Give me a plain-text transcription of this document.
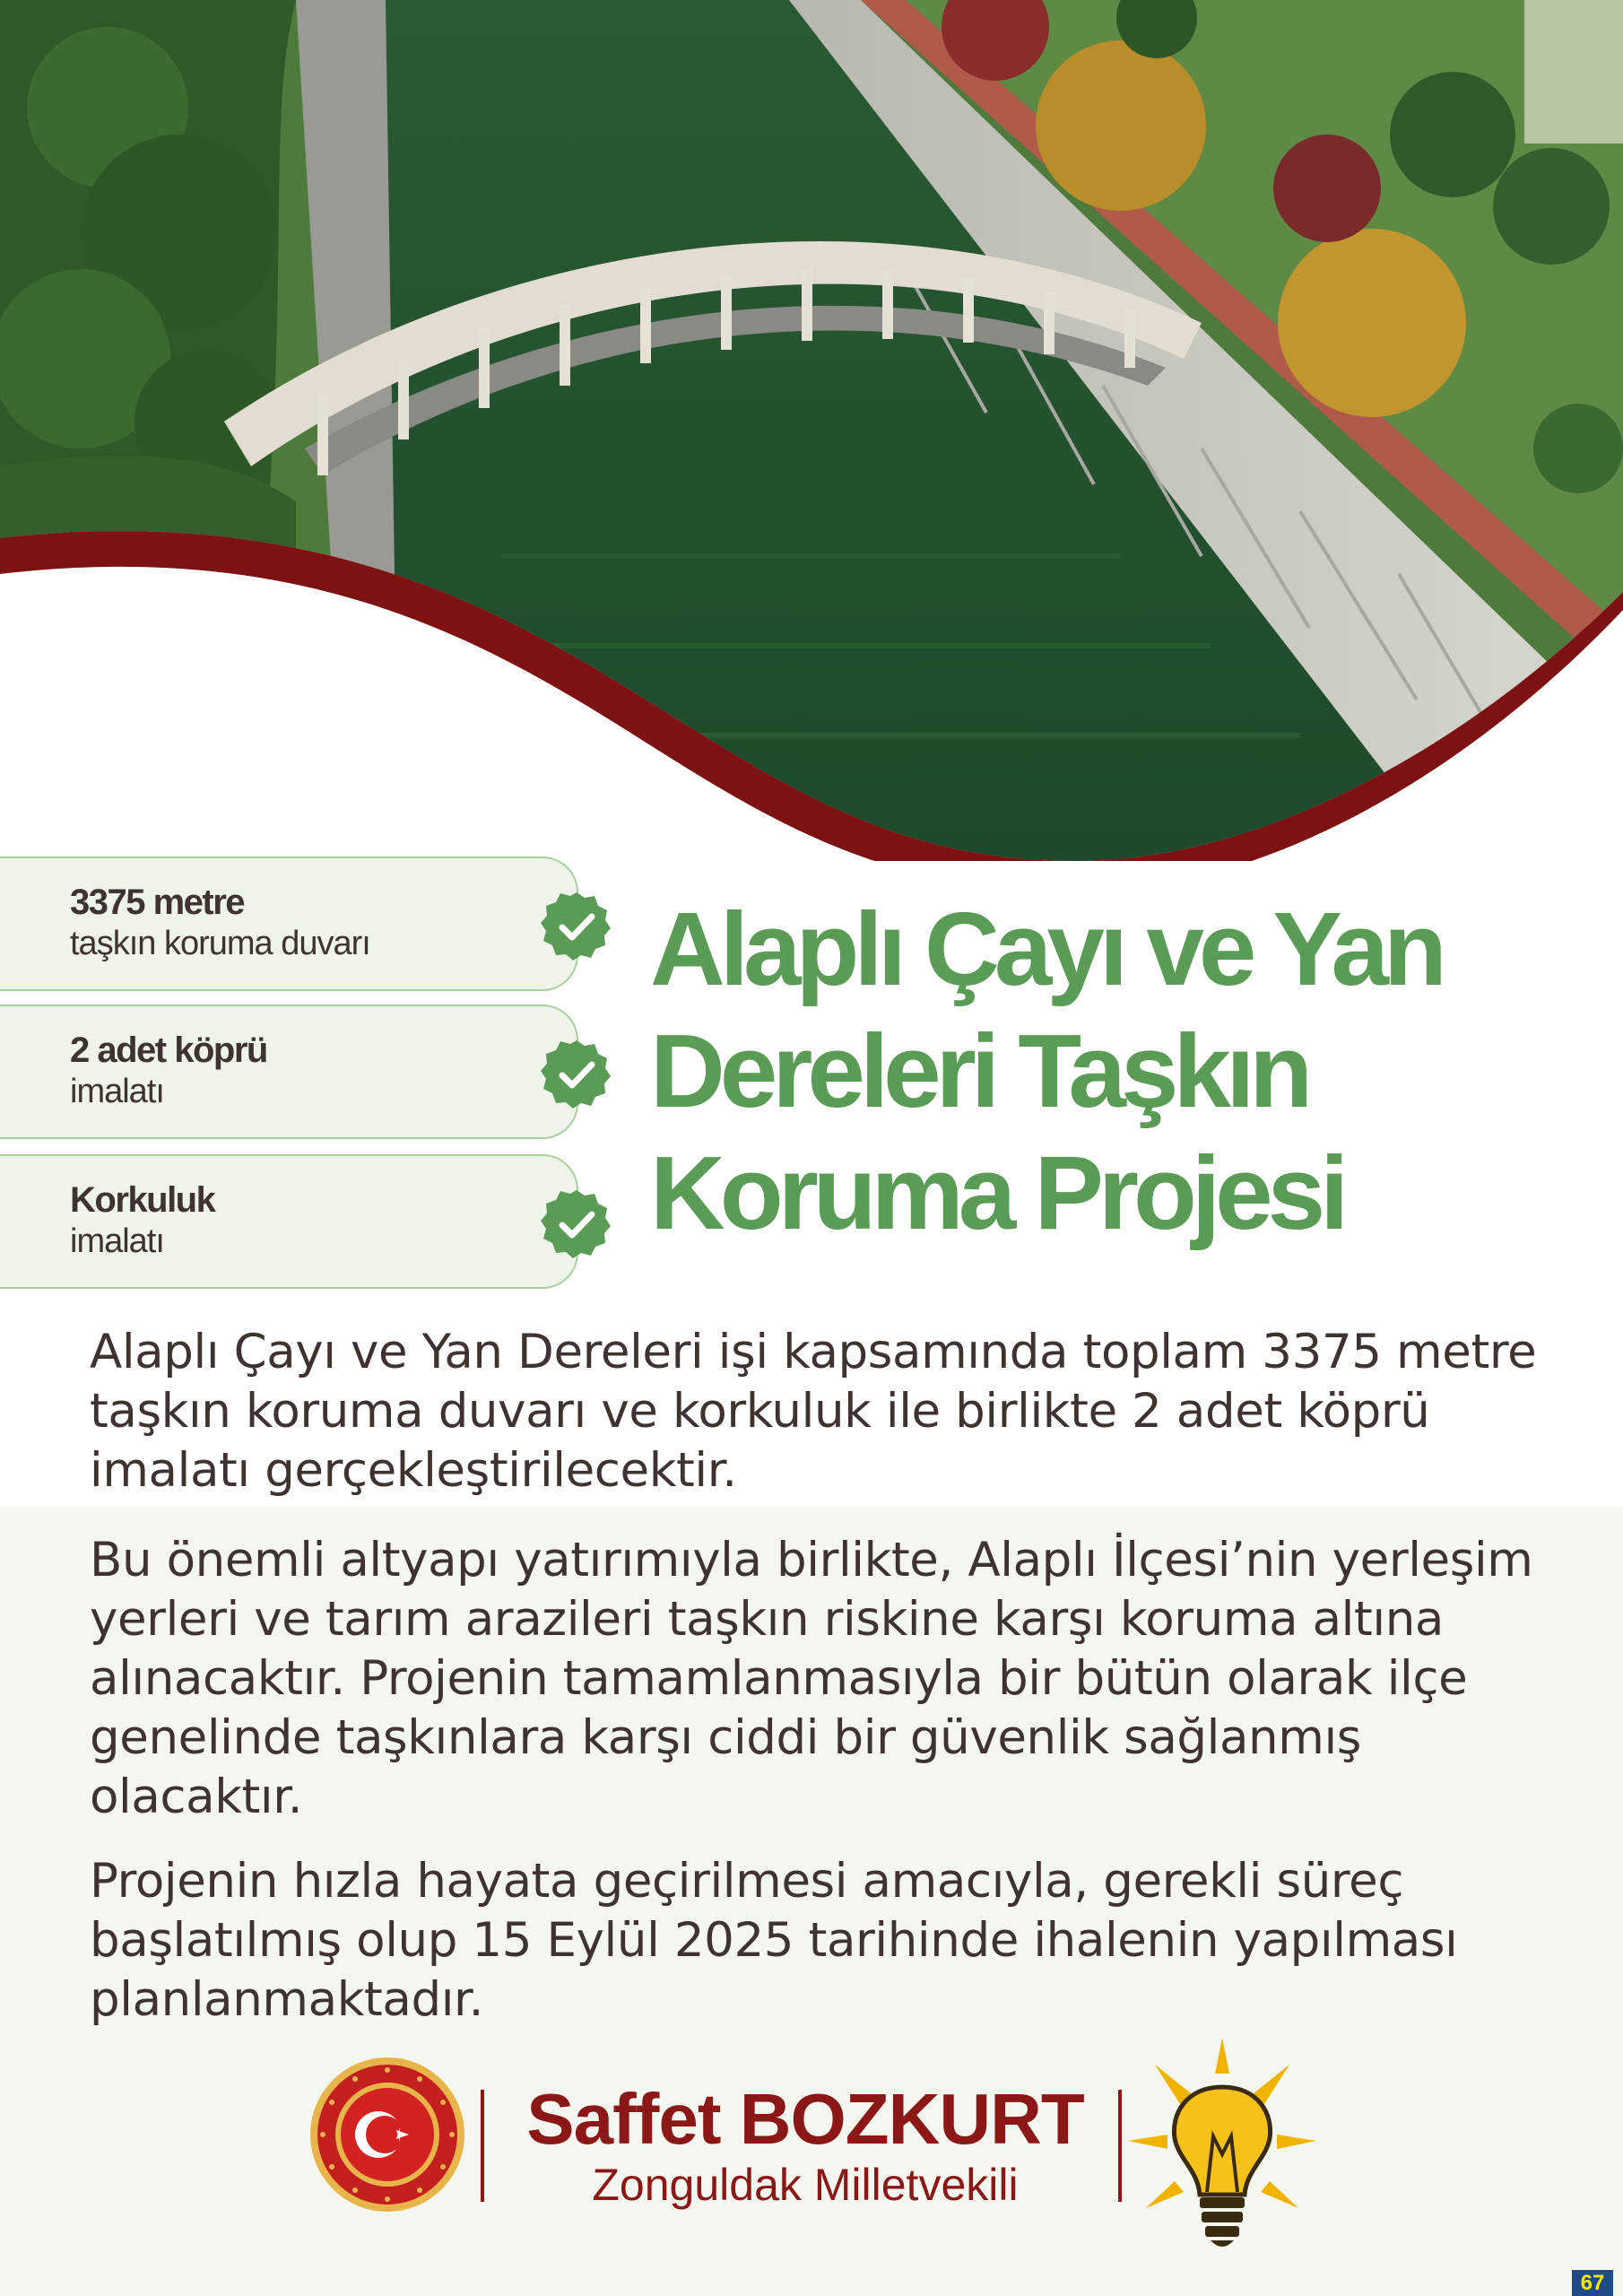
3375 metre
taşkın koruma duvarı
2 adet köprü
imalatı
Korkuluk
imalatı
Alaplı Çayı ve Yan
Dereleri Taşkın
Koruma Projesi

Alaplı Çayı ve Yan Dereleri işi kapsamında toplam 3375 metre taşkın koruma duvarı ve korkuluk ile birlikte 2 adet köprü imalatı gerçekleştirilecektir.

Bu önemli altyapı yatırımıyla birlikte, Alaplı İlçesi’nin yerleşim yerleri ve tarım arazileri taşkın riskine karşı koruma altına alınacaktır. Projenin tamamlanmasıyla bir bütün olarak ilçe genelinde taşkınlara karşı ciddi bir güvenlik sağlanmış olacaktır.

Projenin hızla hayata geçirilmesi amacıyla, gerekli süreç başlatılmış olup 15 Eylül 2025 tarihinde ihalenin yapılması planlanmaktadır.

Saffet BOZKURT
Zonguldak Milletvekili
67
